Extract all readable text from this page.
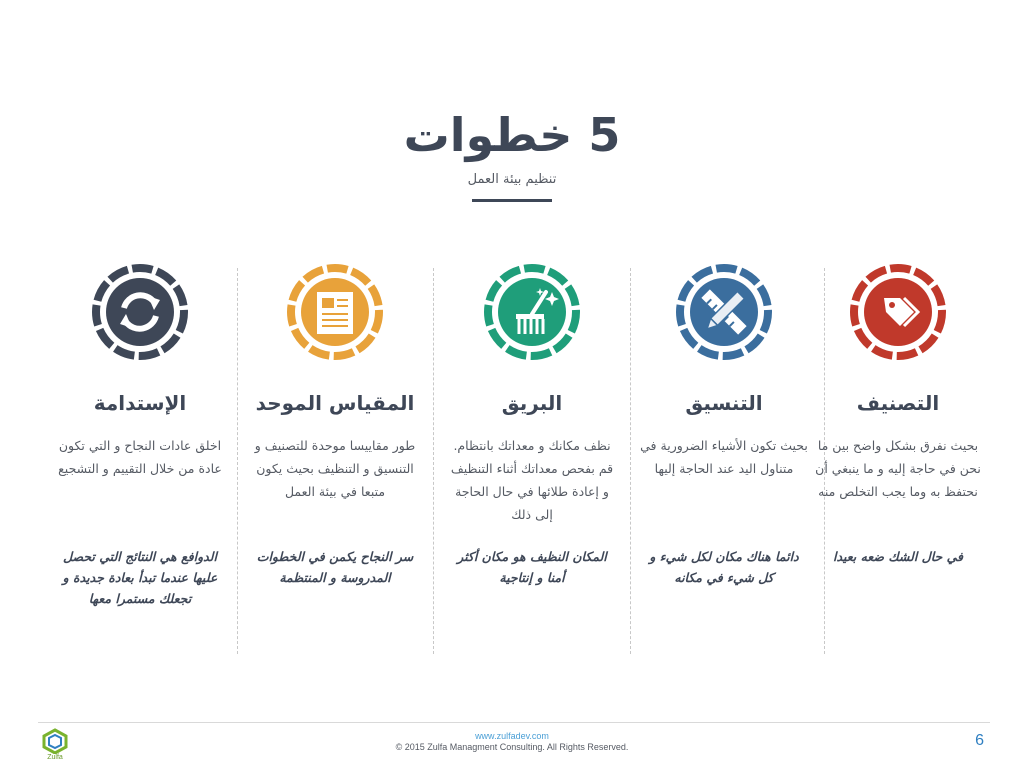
5 خطوات
تنظيم بيئة العمل
التصنيف
بحيث نفرق بشكل واضح بين ما نحن في حاجة إليه و ما ينبغي أن نحتفظ به وما يجب التخلص منه
في حال الشك ضعه بعيدا
التنسيق
بحيث تكون الأشياء الضرورية في متناول اليد عند الحاجة إليها
دائما هناك مكان لكل شيء و كل شيء في مكانه
البريق
نظف مكانك و معداتك بانتظام. قم بفحص معداتك أثناء التنظيف و إعادة طلائها في حال الحاجة إلى ذلك
المكان النظيف هو مكان أكثر أمنا و إنتاجية
المقياس الموحد
طور مقاييسا موحدة للتصنيف و التنسيق و التنظيف بحيث يكون متبعا في بيئة العمل
سر النجاح يكمن في الخطوات المدروسة و المنتظمة
الإستدامة
اخلق عادات النجاح و التي تكون عادة من خلال التقييم و التشجيع
الدوافع هي النتائج التي تحصل عليها عندما تبدأ بعادة جديدة و تجعلك مستمرا معها
Zulfa
www.zulfadev.com
© 2015 Zulfa Managment Consulting. All Rights Reserved.	6
